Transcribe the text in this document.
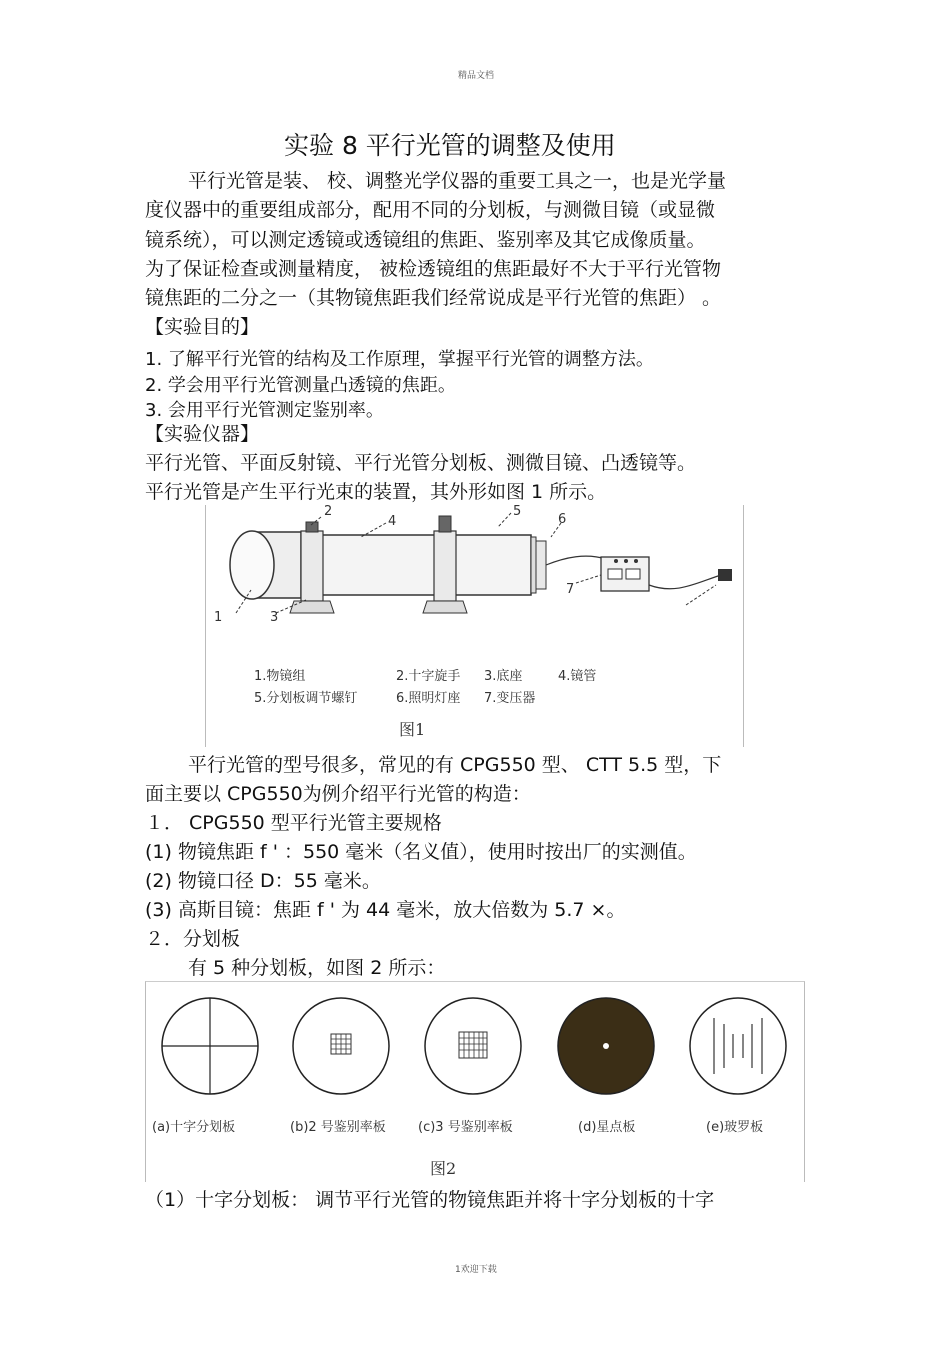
精品文档
实验 8 平行光管的调整及使用
平行光管是装、 校、调整光学仪器的重要工具之一，也是光学量
度仪器中的重要组成部分，配用不同的分划板，与测微目镜（或显微
镜系统），可以测定透镜或透镜组的焦距、鉴别率及其它成像质量。
为了保证检查或测量精度， 被检透镜组的焦距最好不大于平行光管物
镜焦距的二分之一（其物镜焦距我们经常说成是平行光管的焦距） 。
【实验目的】
1. 了解平行光管的结构及工作原理，掌握平行光管的调整方法。
2. 学会用平行光管测量凸透镜的焦距。
3. 会用平行光管测定鉴别率。
【实验仪器】
平行光管、平面反射镜、平行光管分划板、测微目镜、凸透镜等。
平行光管是产生平行光束的装置，其外形如图 1 所示。
1
2
3
4
5
6
7
1.物镜组	2.十字旋手 3.底座	4.镜管
5.分划板调节螺钉	6.照明灯座 7.变压器
图1
平行光管的型号很多，常见的有 CPG550 型、 CTT 5.5 型，下
面主要以 CPG550为例介绍平行光管的构造：
１． CPG550 型平行光管主要规格
(1) 物镜焦距 f ' ：550 毫米（名义值），使用时按出厂的实测值。
(2) 物镜口径 D：55 毫米。
(3) 高斯目镜：焦距 f ' 为 44 毫米，放大倍数为 5.7 ×。
２．分划板
有 5 种分划板，如图 2 所示：
(a)十字分划板	(b)2 号鉴别率板 (c)3 号鉴别率板	(d)星点板	(e)玻罗板
图2
（1）十字分划板： 调节平行光管的物镜焦距并将十字分划板的十字
1欢迎下载
